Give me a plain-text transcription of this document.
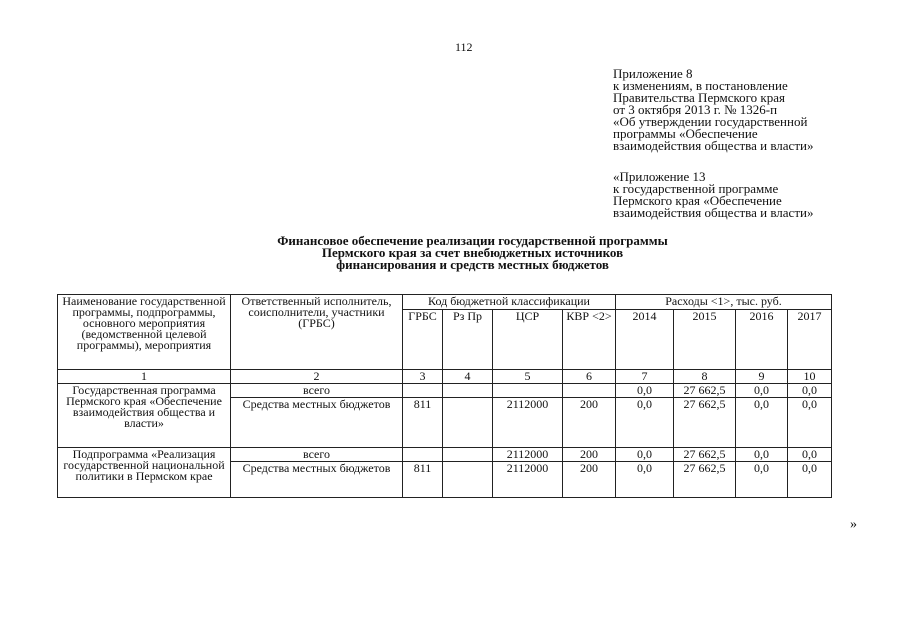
112
Приложение 8
к изменениям, в постановление
Правительства Пермского края
от 3 октября 2013 г. № 1326-п
«Об утверждении государственной
программы «Обеспечение
взаимодействия общества и власти»
«Приложение 13
к государственной программе
Пермского края «Обеспечение
взаимодействия общества и власти»
Финансовое обеспечение реализации государственной программы
Пермского края за счет внебюджетных источников
финансирования и средств местных бюджетов
Наименование государственной программы, подпрограммы, основного мероприятия (ведомственной целевой программы), мероприятия	Ответственный исполнитель, соисполнители, участники (ГРБС)	Код бюджетной классификации				Расходы <1>, тыс. руб.			
		ГРБС	Рз Пр	ЦСР	КВР <2>	2014	2015	2016	2017
1	2	3	4	5	6	7	8	9	10
Государственная программа Пермского края «Обеспечение взаимодействия общества и власти»	всего					0,0	27 662,5	0,0	0,0
	Средства местных бюджетов	811		2112000	200	0,0	27 662,5	0,0	0,0
Подпрограмма «Реализация государственной национальной политики в Пермском крае	всего			2112000	200	0,0	27 662,5	0,0	0,0
	Средства местных бюджетов	811		2112000	200	0,0	27 662,5	0,0	0,0
»
